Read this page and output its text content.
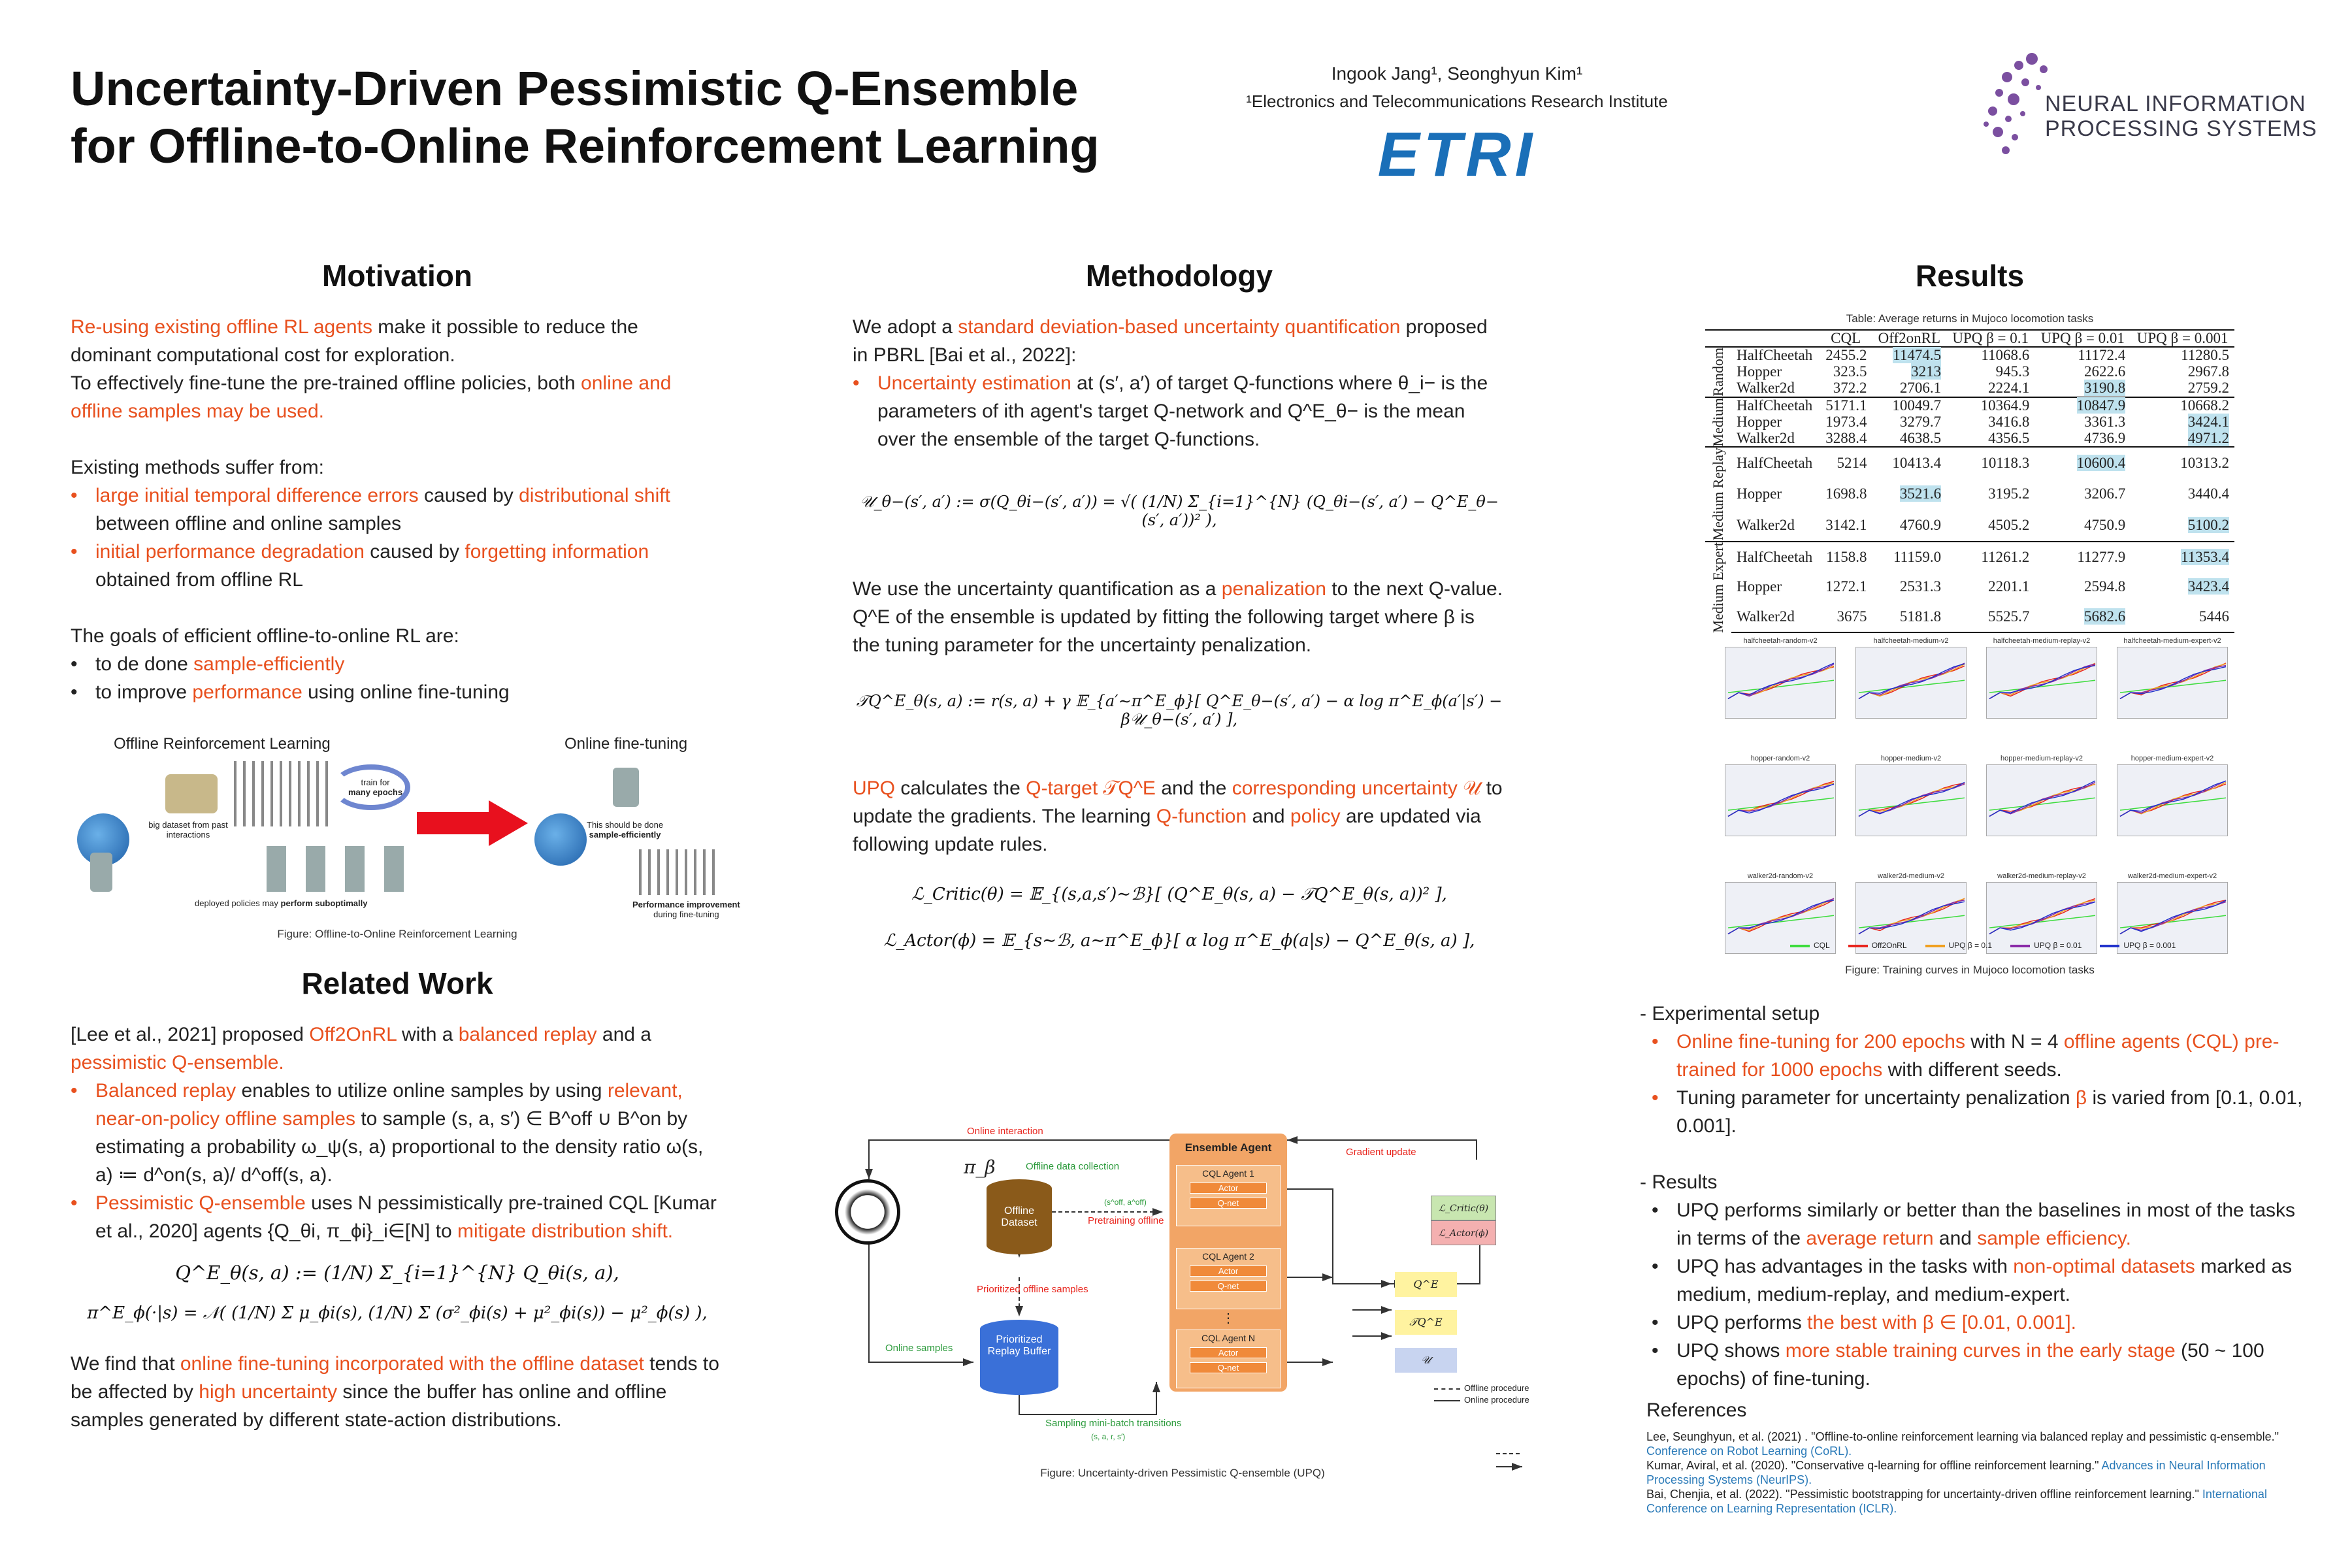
Uncertainty-Driven Pessimistic Q-Ensemble
for Offline-to-Online Reinforcement Learning
Ingook Jang¹, Seonghyun Kim¹
¹Electronics and Telecommunications Research Institute
ETRI
NEURAL INFORMATION
PROCESSING SYSTEMS
Motivation
Re-using existing offline RL agents make it possible to reduce the dominant computational cost for exploration.
To effectively fine-tune the pre-trained offline policies, both online and offline samples may be used.
Existing methods suffer from:
• large initial temporal difference errors caused by distributional shift between offline and online samples
• initial performance degradation caused by forgetting information obtained from offline RL
The goals of efficient offline-to-online RL are:
• to de done sample-efficiently
• to improve performance using online fine-tuning
Offline Reinforcement Learning	Online fine-tuning
big dataset from past interactions
train for
many epochs
deployed policies may perform suboptimally
This should be done
sample-efficiently
Performance improvement
during fine-tuning
Figure: Offline-to-Online Reinforcement Learning
Related Work
[Lee et al., 2021] proposed Off2OnRL with a balanced replay and a pessimistic Q-ensemble.
• Balanced replay enables to utilize online samples by using relevant, near-on-policy offline samples to sample (s, a, s′) ∈ B^off ∪ B^on by estimating a probability ω_ψ(s, a) proportional to the density ratio ω(s, a) ≔ d^on(s, a)/ d^off(s, a).
• Pessimistic Q-ensemble uses N pessimistically pre-trained CQL [Kumar et al., 2020] agents {Q_θi, π_ϕi}_i∈[N] to mitigate distribution shift.
Q^E_θ(s, a) := (1/N) Σ_{i=1}^{N} Q_θi(s, a),
π^E_ϕ(·|s) = 𝒩( (1/N) Σ μ_ϕi(s), (1/N) Σ (σ²_ϕi(s) + μ²_ϕi(s)) − μ²_ϕ(s) ),
We find that online fine-tuning incorporated with the offline dataset tends to be affected by high uncertainty since the buffer has online and offline samples generated by different state-action distributions.
Methodology
We adopt a standard deviation-based uncertainty quantification proposed in PBRL [Bai et al., 2022]:
• Uncertainty estimation at (s′, a′) of target Q-functions where θ_i− is the parameters of ith agent's target Q-network and Q^E_θ− is the mean over the ensemble of the target Q-functions.
𝒰_θ−(s′, a′) := σ(Q_θi−(s′, a′)) = √( (1/N) Σ_{i=1}^{N} (Q_θi−(s′, a′) − Q^E_θ−(s′, a′))² ),
We use the uncertainty quantification as a penalization to the next Q-value. Q^E of the ensemble is updated by fitting the following target where β is the tuning parameter for the uncertainty penalization.
𝒯Q^E_θ(s, a) := r(s, a) + γ 𝔼_{a′∼π^E_ϕ}[ Q^E_θ−(s′, a′) − α log π^E_ϕ(a′|s′) − β𝒰_θ−(s′, a′) ],
UPQ calculates the Q-target 𝒯Q^E and the corresponding uncertainty 𝒰 to update the gradients. The learning Q-function and policy are updated via following update rules.
ℒ_Critic(θ) = 𝔼_{(s,a,s′)∼ℬ}[ (Q^E_θ(s, a) − 𝒯Q^E_θ(s, a))² ],
ℒ_Actor(ϕ) = 𝔼_{s∼ℬ, a∼π^E_ϕ}[ α log π^E_ϕ(a|s) − Q^E_θ(s, a) ],
Online interaction
π_β	Offline data collection
Offline Dataset
(s^off, a^off)
Pretraining offline
Prioritized offline samples
Online samples
Prioritized Replay Buffer
Sampling mini-batch transitions
(s, a, r, s′)
Ensemble Agent
CQL Agent 1
Actor
Q-net
CQL Agent 2
Actor
Q-net
⋮
CQL Agent N
Actor
Q-net
Gradient update
ℒ_Critic(θ)
ℒ_Actor(ϕ)
Q^E
𝒯Q^E
𝒰
Offline procedure
Online procedure
Figure: Uncertainty-driven Pessimistic Q-ensemble (UPQ)
Results
Table: Average returns in Mujoco locomotion tasks
		CQL	Off2onRL	UPQ β = 0.1	UPQ β = 0.01	UPQ β = 0.001

Random	HalfCheetah	2455.2	11474.5	11068.6	11172.4	11280.5
	Hopper	323.5	3213	945.3	2622.6	2967.8
	Walker2d	372.2	2706.1	2224.1	3190.8	2759.2

Medium	HalfCheetah	5171.1	10049.7	10364.9	10847.9	10668.2
	Hopper	1973.4	3279.7	3416.8	3361.3	3424.1
	Walker2d	3288.4	4638.5	4356.5	4736.9	4971.2

Medium Replay	HalfCheetah	5214	10413.4	10118.3	10600.4	10313.2
	Hopper	1698.8	3521.6	3195.2	3206.7	3440.4
	Walker2d	3142.1	4760.9	4505.2	4750.9	5100.2

Medium Expert	HalfCheetah	1158.8	11159.0	11261.2	11277.9	11353.4
	Hopper	1272.1	2531.3	2201.1	2594.8	3423.4
	Walker2d	3675	5181.8	5525.7	5682.6	5446
halfcheetah-random-v2	halfcheetah-medium-v2	halfcheetah-medium-replay-v2	halfcheetah-medium-expert-v2
hopper-random-v2	hopper-medium-v2	hopper-medium-replay-v2	hopper-medium-expert-v2
walker2d-random-v2	walker2d-medium-v2	walker2d-medium-replay-v2	walker2d-medium-expert-v2
CQL	Off2OnRL	UPQ β = 0.1	UPQ β = 0.01	UPQ β = 0.001
Figure: Training curves in Mujoco locomotion tasks
- Experimental setup
• Online fine-tuning for 200 epochs with N = 4 offline agents (CQL) pre-trained for 1000 epochs with different seeds.
• Tuning parameter for uncertainty penalization β is varied from [0.1, 0.01, 0.001].
- Results
• UPQ performs similarly or better than the baselines in most of the tasks in terms of the average return and sample efficiency.
• UPQ has advantages in the tasks with non-optimal datasets marked as medium, medium-replay, and medium-expert.
• UPQ performs the best with β ∈ [0.01, 0.001].
• UPQ shows more stable training curves in the early stage (50 ~ 100 epochs) of fine-tuning.
References
Lee, Seunghyun, et al. (2021) . "Offline-to-online reinforcement learning via balanced replay and pessimistic q-ensemble." Conference on Robot Learning (CoRL).
Kumar, Aviral, et al. (2020). "Conservative q-learning for offline reinforcement learning." Advances in Neural Information Processing Systems (NeurIPS).
Bai, Chenjia, et al. (2022). "Pessimistic bootstrapping for uncertainty-driven offline reinforcement learning." International Conference on Learning Representation (ICLR).
